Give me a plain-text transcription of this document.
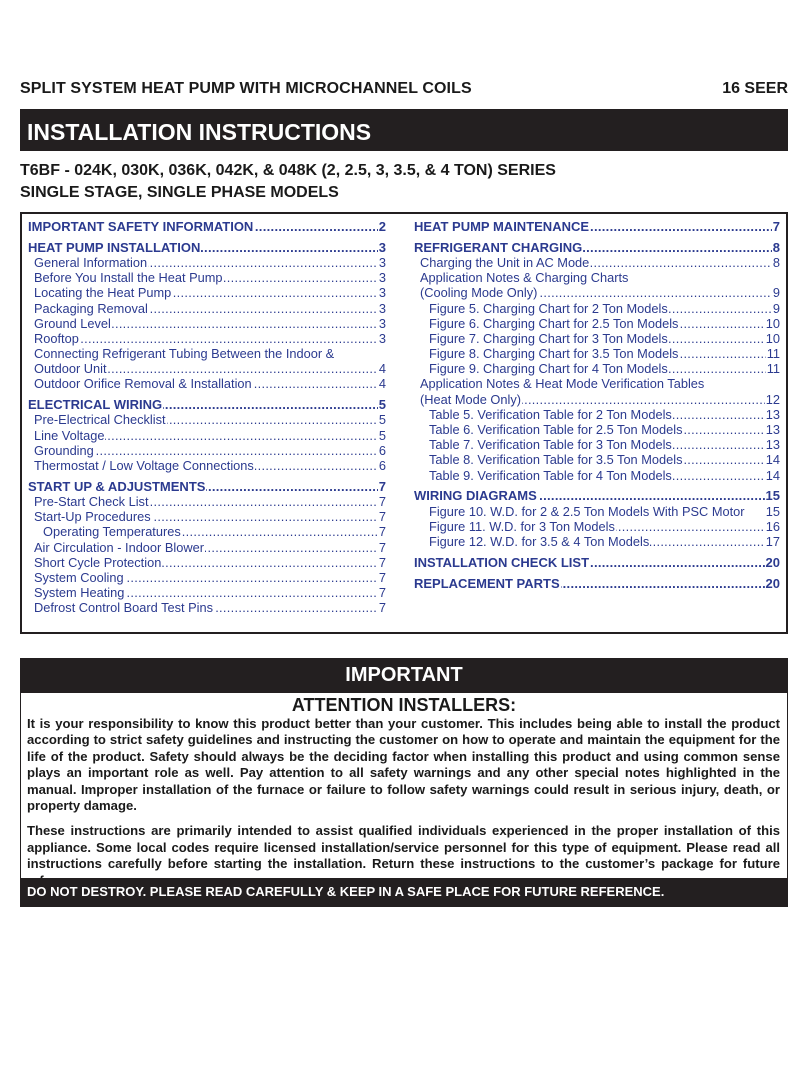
SPLIT SYSTEM HEAT PUMP WITH MICROCHANNEL COILS	16 SEER
INSTALLATION INSTRUCTIONS
T6BF - 024K, 030K, 036K, 042K, & 048K (2, 2.5, 3, 3.5, & 4 TON) SERIES
SINGLE STAGE, SINGLE PHASE MODELS
IMPORTANT SAFETY INFORMATION .....	2
HEAT PUMP INSTALLATION .....	3
General Information .....	3
Before You Install the Heat Pump .....	3
Locating the Heat Pump .....	3
Packaging Removal .....	3
Ground Level .....	3
Rooftop .....	3
Connecting Refrigerant Tubing Between the Indoor &
Outdoor Unit .....	4
Outdoor Orifice Removal & Installation .....	4
ELECTRICAL WIRING .....	5
Pre-Electrical Checklist .....	5
Line Voltage .....	5
Grounding .....	6
Thermostat / Low Voltage Connections .....	6
START UP & ADJUSTMENTS .....	7
Pre-Start Check List .....	7
Start-Up Procedures .....	7
Operating Temperatures .....	7
Air Circulation - Indoor Blower .....	7
Short Cycle Protection .....	7
System Cooling .....	7
System Heating .....	7
Defrost Control Board Test Pins .....	7
HEAT PUMP MAINTENANCE .....	7
REFRIGERANT CHARGING .....	8
Charging the Unit in AC Mode .....	8
Application Notes & Charging Charts
(Cooling Mode Only) .....	9
Figure 5. Charging Chart for 2 Ton Models .....	9
Figure 6. Charging Chart for 2.5 Ton Models .....	10
Figure 7. Charging Chart for 3 Ton Models .....	10
Figure 8. Charging Chart for 3.5 Ton Models .....	11
Figure 9. Charging Chart for 4 Ton Models .....	11
Application Notes & Heat Mode Verification Tables
(Heat Mode Only) .....	12
Table 5. Verification Table for 2 Ton Models .....	13
Table 6. Verification Table for 2.5 Ton Models .....	13
Table 7. Verification Table for 3 Ton Models .....	13
Table 8. Verification Table for 3.5 Ton Models .....	14
Table 9. Verification Table for 4 Ton Models .....	14
WIRING DIAGRAMS .....	15
Figure 10. W.D. for 2 & 2.5 Ton Models With PSC Motor 15
Figure 11. W.D. for 3 Ton Models .....	16
Figure 12. W.D. for 3.5 & 4 Ton Models .....	17
INSTALLATION CHECK LIST .....	20
REPLACEMENT PARTS .....	20
IMPORTANT
ATTENTION INSTALLERS:

It is your responsibility to know this product better than your customer. This includes being able to install the product according to strict safety guidelines and instructing the customer on how to operate and maintain the equipment for the life of the product. Safety should always be the deciding factor when installing this product and using common sense plays an important role as well. Pay attention to all safety warnings and any other special notes highlighted in the manual. Improper installation of the furnace or failure to follow safety warnings could result in serious injury, death, or property damage.

These instructions are primarily intended to assist qualified individuals experienced in the proper installation of this appliance. Some local codes require licensed installation/service personnel for this type of equipment. Please read all instructions carefully before starting the installation. Return these instructions to the customer’s package for future

DO NOT DESTROY. PLEASE READ CAREFULLY & KEEP IN A SAFE PLACE FOR FUTURE REFERENCE.
